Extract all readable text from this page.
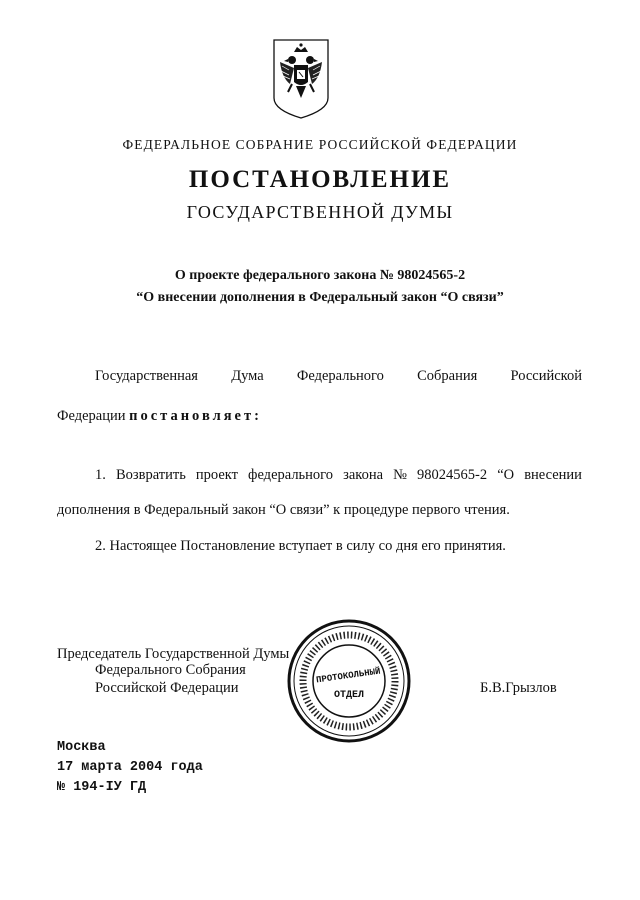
ФЕДЕРАЛЬНОЕ СОБРАНИЕ РОССИЙСКОЙ ФЕДЕРАЦИИ
ПОСТАНОВЛЕНИЕ
ГОСУДАРСТВЕННОЙ ДУМЫ
О проекте федерального закона № 98024565-2
“О внесении дополнения в Федеральный закон “О связи”
Государственная Дума Федерального Собрания Российской
Федерации постановляет:
1. Возвратить проект федерального закона № 98024565-2 “О внесении
дополнения в Федеральный закон “О связи” к процедуре первого чтения.
2. Настоящее Постановление вступает в силу со дня его принятия.
Председатель Государственной Думы
Федерального Собрания
Российской Федерации	Б.В.Грызлов
ПРОТОКОЛЬНЫЙ
ОТДЕЛ
Москва
17 марта 2004 года
№ 194-IУ ГД
